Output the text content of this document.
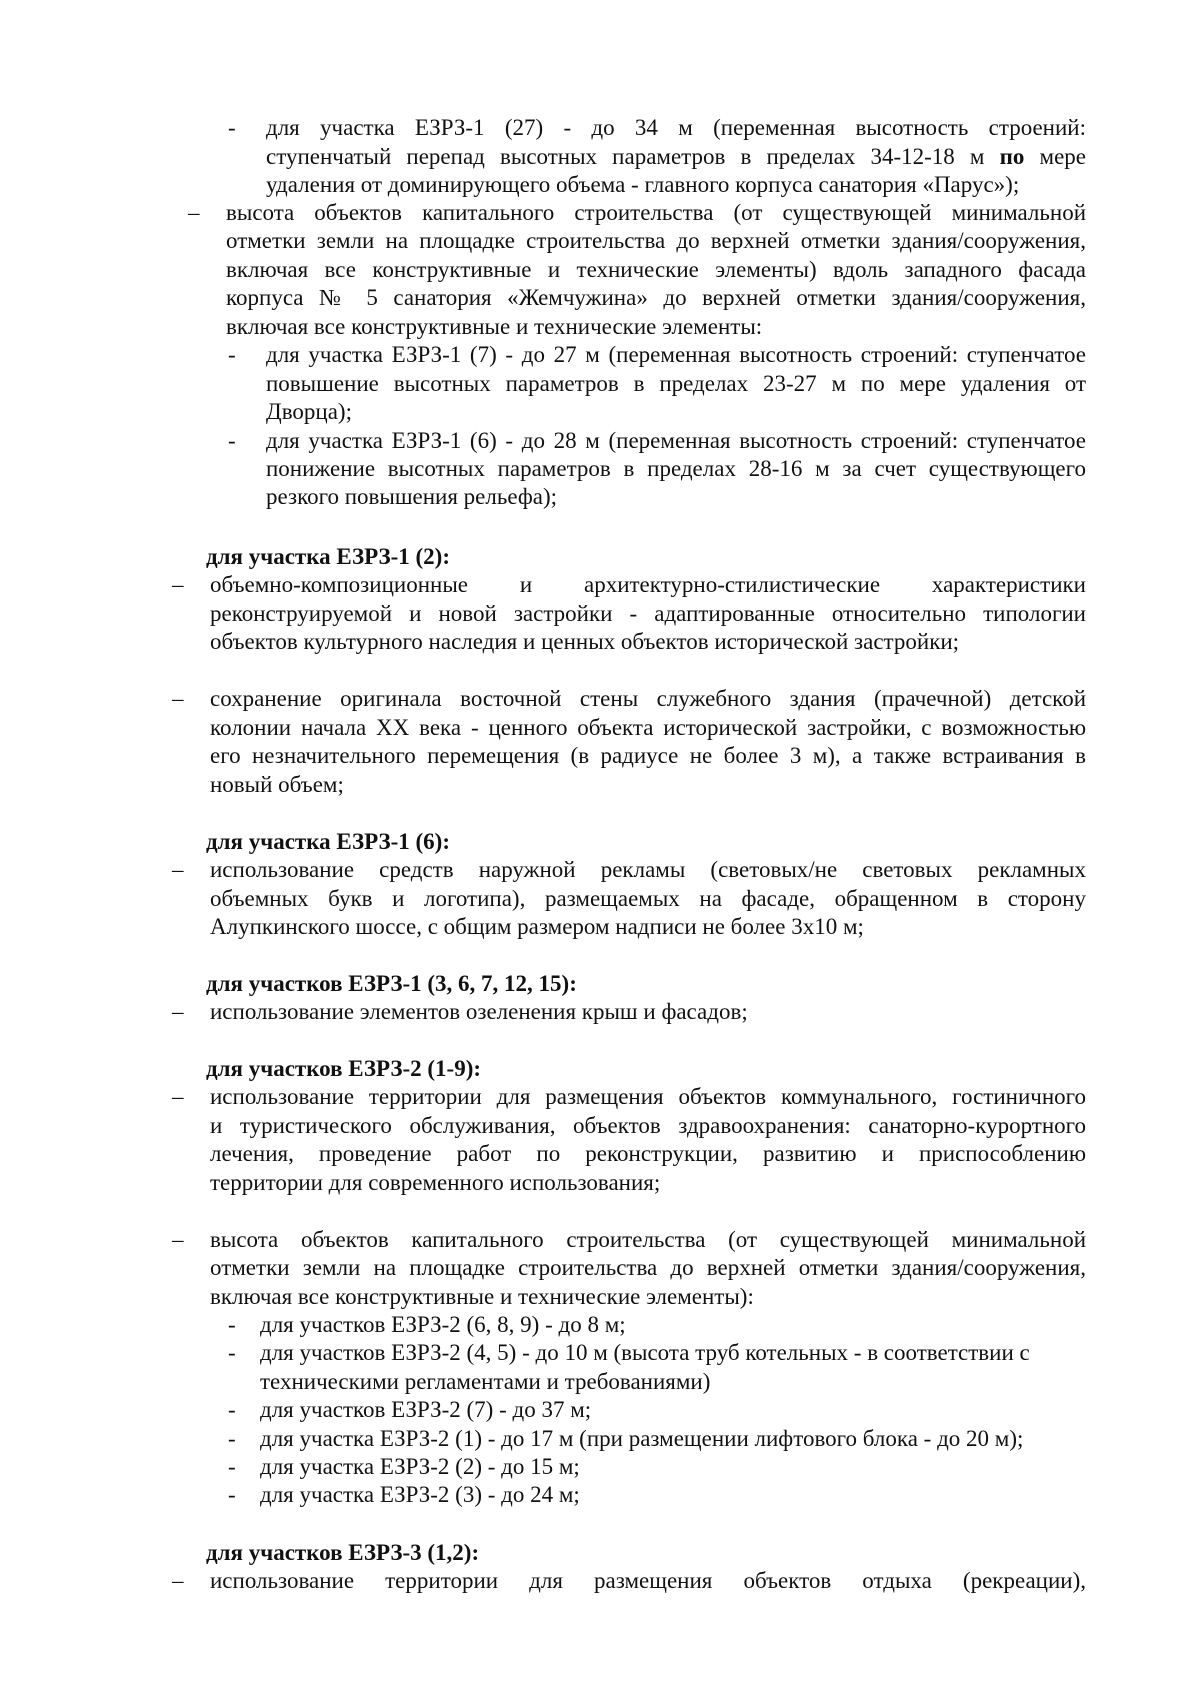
- для участка ЕЗРЗ-1 (27) - до 34 м (переменная высотность строений:
ступенчатый перепад высотных параметров в пределах 34-12-18 м по мере
удаления от доминирующего объема - главного корпуса санатория «Парус»);
– высота объектов капитального строительства (от существующей минимальной
отметки земли на площадке строительства до верхней отметки здания/сооружения,
включая все конструктивные и технические элементы) вдоль западного фасада
корпуса № 5 санатория «Жемчужина» до верхней отметки здания/сооружения,
включая все конструктивные и технические элементы:
- для участка ЕЗРЗ-1 (7) - до 27 м (переменная высотность строений: ступенчатое
повышение высотных параметров в пределах 23-27 м по мере удаления от
Дворца);
- для участка ЕЗРЗ-1 (6) - до 28 м (переменная высотность строений: ступенчатое
понижение высотных параметров в пределах 28-16 м за счет существующего
резкого повышения рельефа);
для участка ЕЗРЗ-1 (2):
– объемно-композиционные и архитектурно-стилистические характеристики
реконструируемой и новой застройки - адаптированные относительно типологии
объектов культурного наследия и ценных объектов исторической застройки;
– сохранение оригинала восточной стены служебного здания (прачечной) детской
колонии начала XX века - ценного объекта исторической застройки, с возможностью
его незначительного перемещения (в радиусе не более 3 м), а также встраивания в
новый объем;
для участка ЕЗРЗ-1 (6):
– использование средств наружной рекламы (световых/не световых рекламных
объемных букв и логотипа), размещаемых на фасаде, обращенном в сторону
Алупкинского шоссе, с общим размером надписи не более 3х10 м;
для участков ЕЗРЗ-1 (3, 6, 7, 12, 15):
– использование элементов озеленения крыш и фасадов;
для участков ЕЗРЗ-2 (1-9):
– использование территории для размещения объектов коммунального, гостиничного
и туристического обслуживания, объектов здравоохранения: санаторно-курортного
лечения, проведение работ по реконструкции, развитию и приспособлению
территории для современного использования;
– высота объектов капитального строительства (от существующей минимальной
отметки земли на площадке строительства до верхней отметки здания/сооружения,
включая все конструктивные и технические элементы):
- для участков ЕЗРЗ-2 (6, 8, 9) - до 8 м;
- для участков ЕЗРЗ-2 (4, 5) - до 10 м (высота труб котельных - в соответствии с
техническими регламентами и требованиями)
- для участков ЕЗРЗ-2 (7) - до 37 м;
- для участка ЕЗРЗ-2 (1) - до 17 м (при размещении лифтового блока - до 20 м);
- для участка ЕЗРЗ-2 (2) - до 15 м;
- для участка ЕЗРЗ-2 (3) - до 24 м;
для участков ЕЗРЗ-3 (1,2):
– использование территории для размещения объектов отдыха (рекреации),
